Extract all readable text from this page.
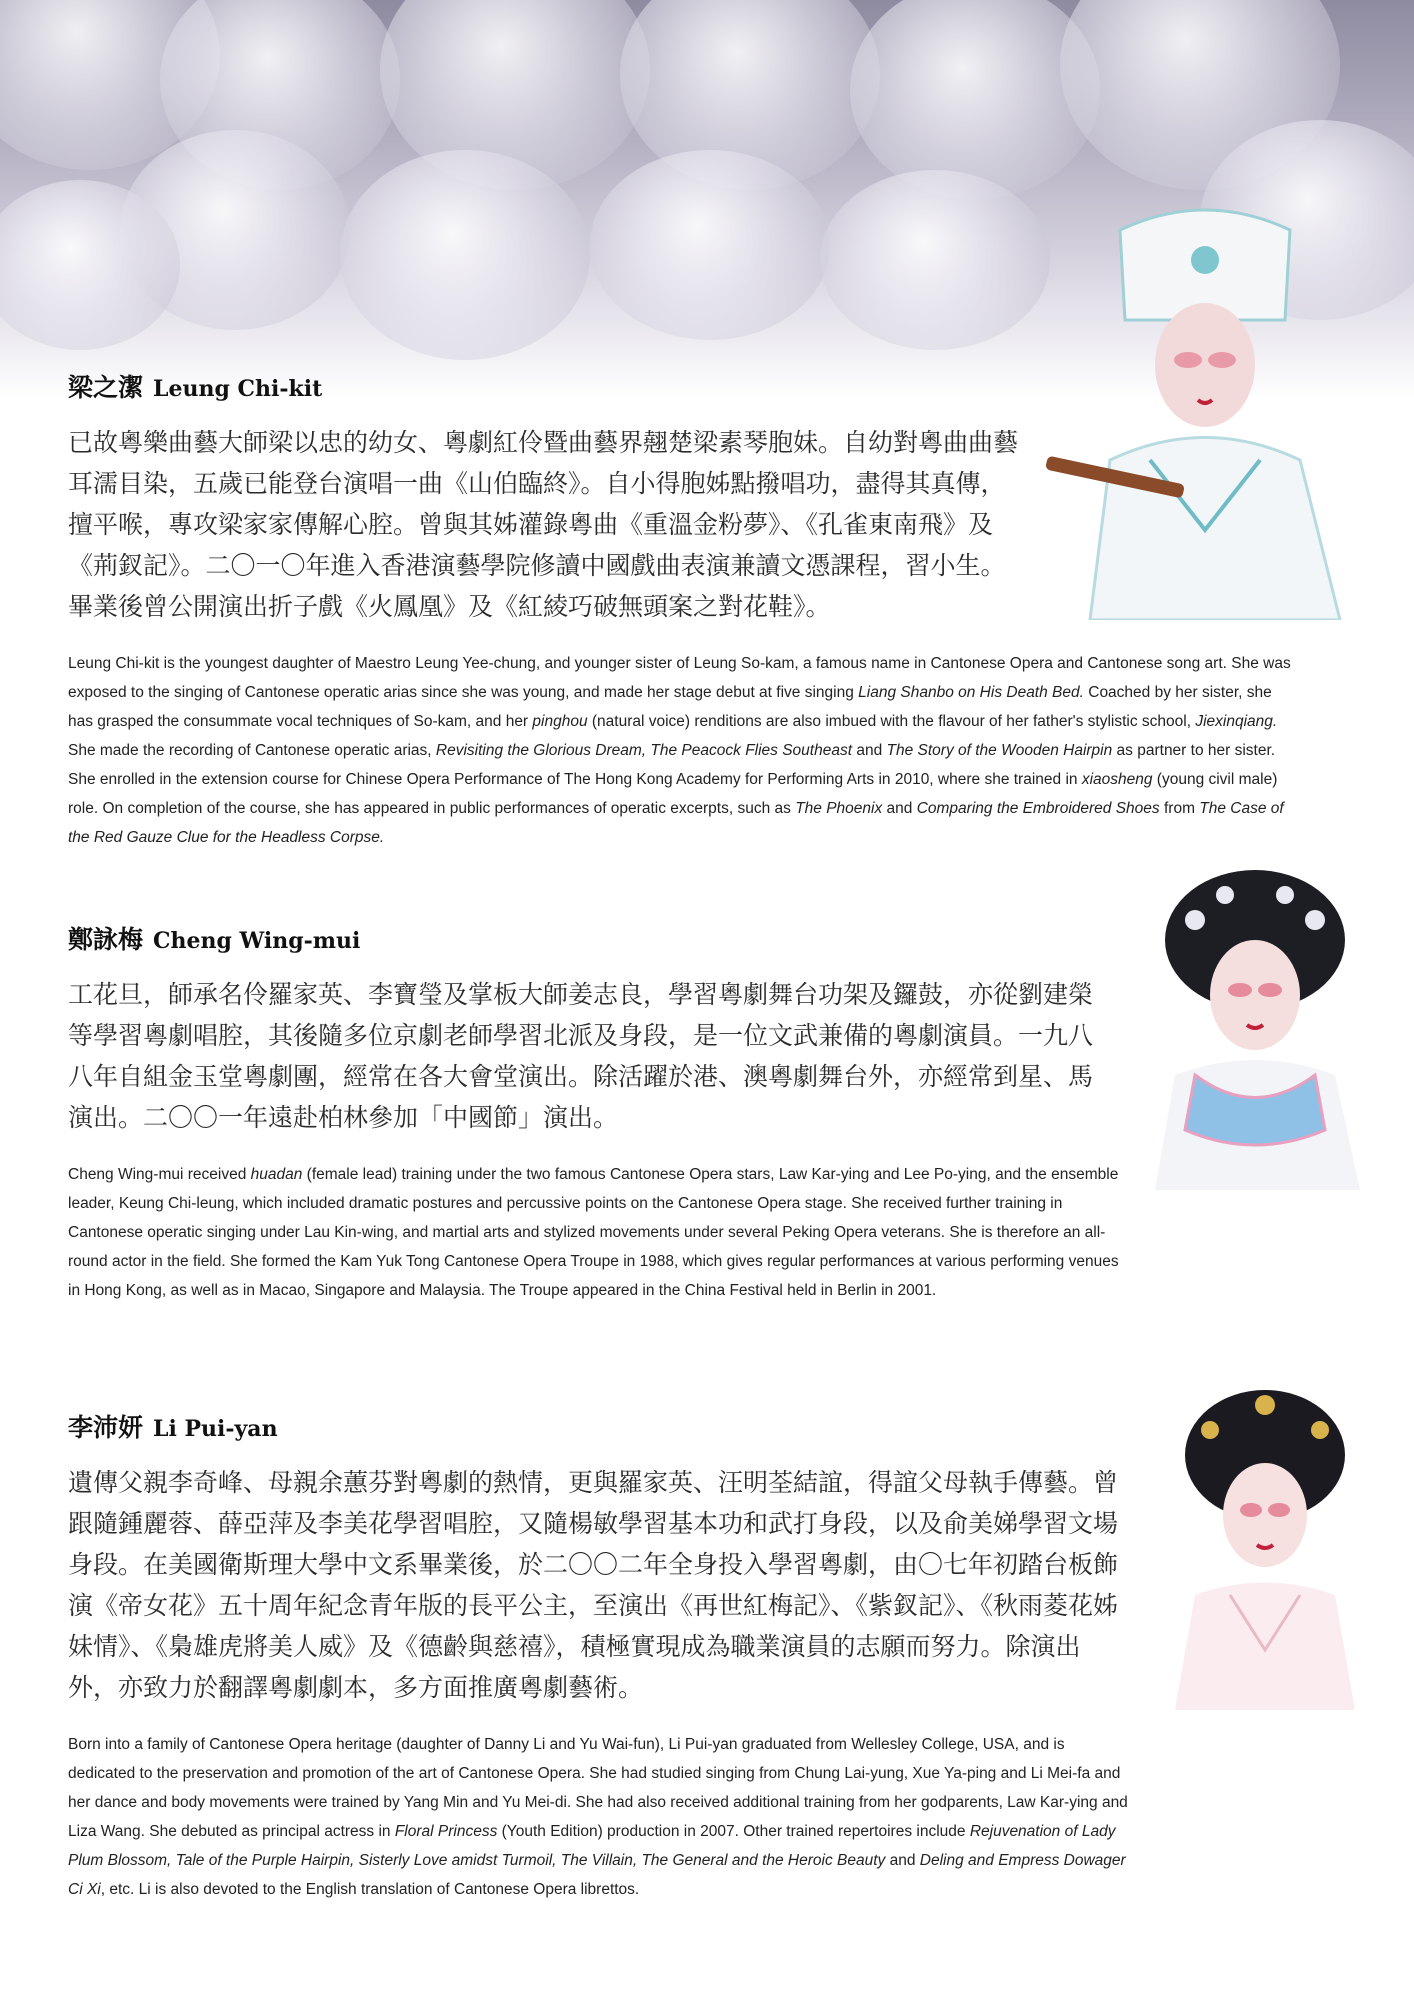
梁之潔 Leung Chi-kit
已故粵樂曲藝大師梁以忠的幼女、粵劇紅伶暨曲藝界翹楚梁素琴胞妹。自幼對粵曲曲藝耳濡目染，五歲已能登台演唱一曲《山伯臨終》。自小得胞姊點撥唱功，盡得其真傳，擅平喉，專攻梁家家傳解心腔。曾與其姊灌錄粵曲《重溫金粉夢》、《孔雀東南飛》及《荊釵記》。二〇一〇年進入香港演藝學院修讀中國戲曲表演兼讀文憑課程，習小生。畢業後曾公開演出折子戲《火鳳凰》及《紅綾巧破無頭案之對花鞋》。
Leung Chi-kit is the youngest daughter of Maestro Leung Yee-chung, and younger sister of Leung So-kam, a famous name in Cantonese Opera and Cantonese song art. She was exposed to the singing of Cantonese operatic arias since she was young, and made her stage debut at five singing Liang Shanbo on His Death Bed. Coached by her sister, she has grasped the consummate vocal techniques of So-kam, and her pinghou (natural voice) renditions are also imbued with the flavour of her father's stylistic school, Jiexinqiang. She made the recording of Cantonese operatic arias, Revisiting the Glorious Dream, The Peacock Flies Southeast and The Story of the Wooden Hairpin as partner to her sister. She enrolled in the extension course for Chinese Opera Performance of The Hong Kong Academy for Performing Arts in 2010, where she trained in xiaosheng (young civil male) role. On completion of the course, she has appeared in public performances of operatic excerpts, such as The Phoenix and Comparing the Embroidered Shoes from The Case of the Red Gauze Clue for the Headless Corpse.
鄭詠梅 Cheng Wing-mui
工花旦，師承名伶羅家英、李寶瑩及掌板大師姜志良，學習粵劇舞台功架及鑼鼓，亦從劉建榮等學習粵劇唱腔，其後隨多位京劇老師學習北派及身段，是一位文武兼備的粵劇演員。一九八八年自組金玉堂粵劇團，經常在各大會堂演出。除活躍於港、澳粵劇舞台外，亦經常到星、馬演出。二〇〇一年遠赴柏林參加「中國節」演出。
Cheng Wing-mui received huadan (female lead) training under the two famous Cantonese Opera stars, Law Kar-ying and Lee Po-ying, and the ensemble leader, Keung Chi-leung, which included dramatic postures and percussive points on the Cantonese Opera stage. She received further training in Cantonese operatic singing under Lau Kin-wing, and martial arts and stylized movements under several Peking Opera veterans. She is therefore an all-round actor in the field. She formed the Kam Yuk Tong Cantonese Opera Troupe in 1988, which gives regular performances at various performing venues in Hong Kong, as well as in Macao, Singapore and Malaysia. The Troupe appeared in the China Festival held in Berlin in 2001.
李沛妍 Li Pui-yan
遺傳父親李奇峰、母親余蕙芬對粵劇的熱情，更與羅家英、汪明荃結誼，得誼父母執手傳藝。曾跟隨鍾麗蓉、薛亞萍及李美花學習唱腔，又隨楊敏學習基本功和武打身段，以及俞美娣學習文場身段。在美國衛斯理大學中文系畢業後，於二〇〇二年全身投入學習粵劇，由〇七年初踏台板飾演《帝女花》五十周年紀念青年版的長平公主，至演出《再世紅梅記》、《紫釵記》、《秋雨菱花姊妹情》、《梟雄虎將美人威》及《德齡與慈禧》，積極實現成為職業演員的志願而努力。除演出外，亦致力於翻譯粵劇劇本，多方面推廣粵劇藝術。
Born into a family of Cantonese Opera heritage (daughter of Danny Li and Yu Wai-fun), Li Pui-yan graduated from Wellesley College, USA, and is dedicated to the preservation and promotion of the art of Cantonese Opera. She had studied singing from Chung Lai-yung, Xue Ya-ping and Li Mei-fa and her dance and body movements were trained by Yang Min and Yu Mei-di. She had also received additional training from her godparents, Law Kar-ying and Liza Wang. She debuted as principal actress in Floral Princess (Youth Edition) production in 2007. Other trained repertoires include Rejuvenation of Lady Plum Blossom, Tale of the Purple Hairpin, Sisterly Love amidst Turmoil, The Villain, The General and the Heroic Beauty and Deling and Empress Dowager Ci Xi, etc. Li is also devoted to the English translation of Cantonese Opera librettos.
